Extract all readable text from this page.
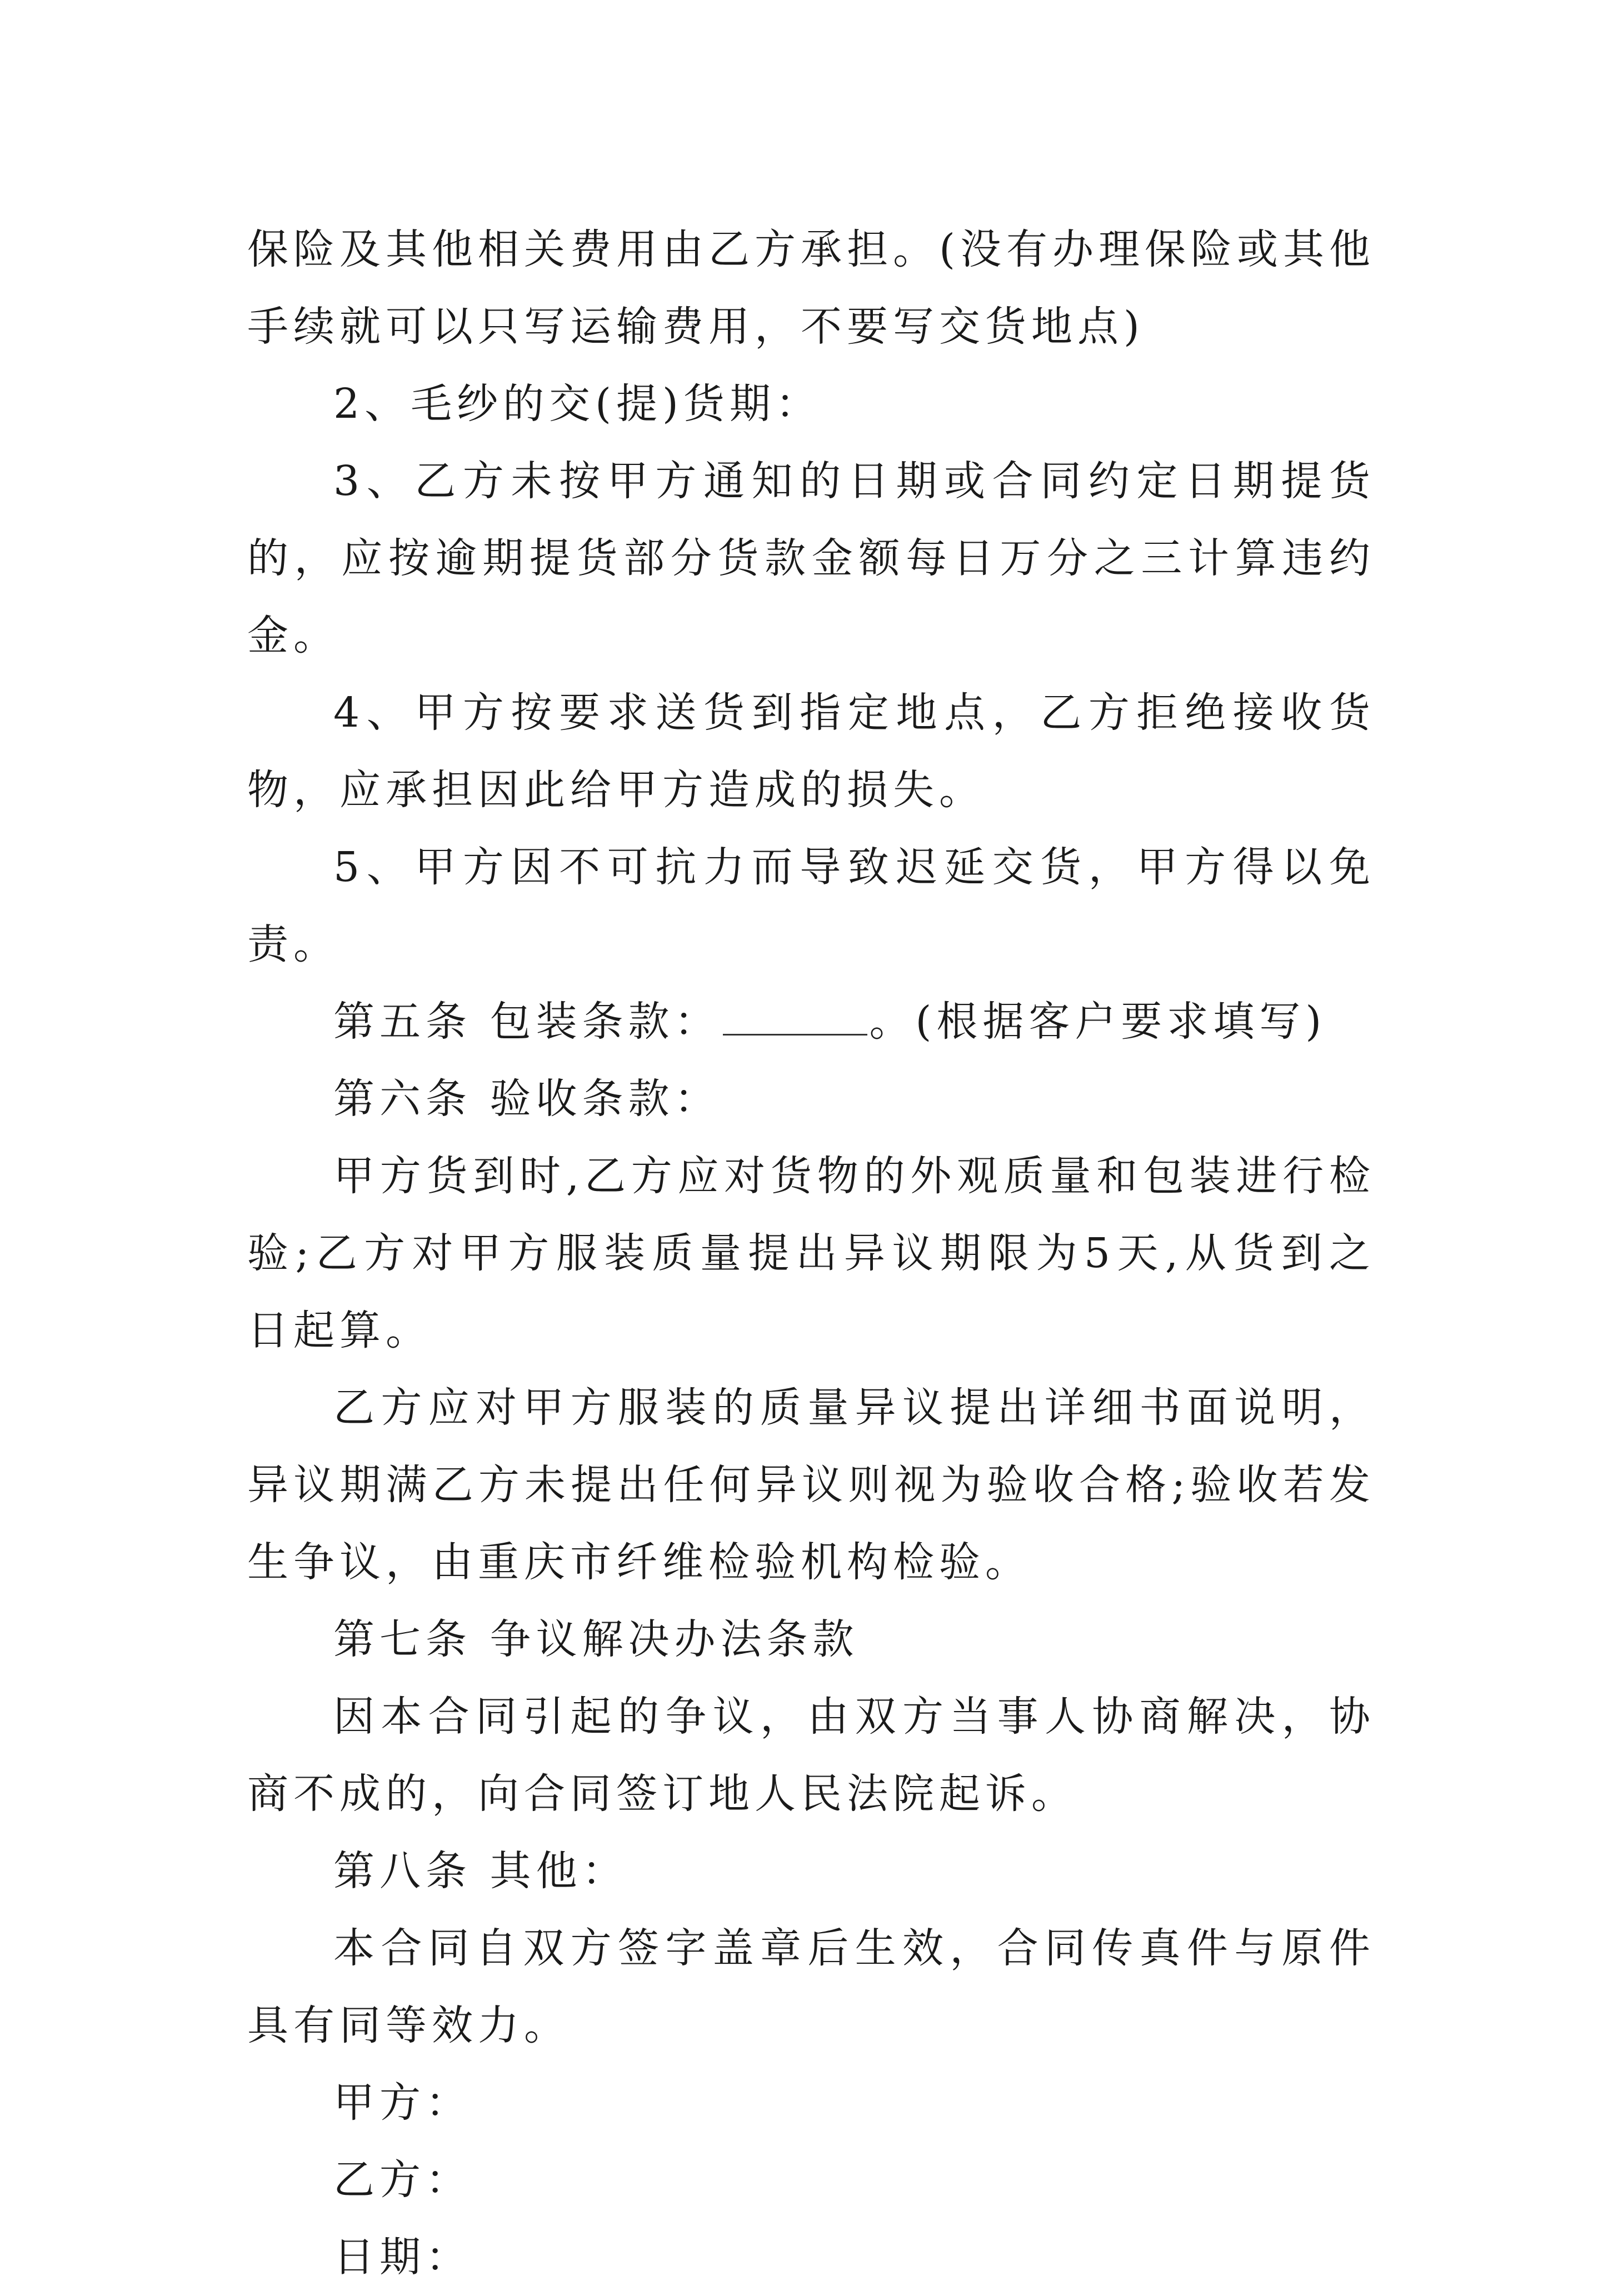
保险及其他相关费用由乙方承担。(没有办理保险或其他手续就可以只写运输费用，不要写交货地点)

2、毛纱的交(提)货期：

3、乙方未按甲方通知的日期或合同约定日期提货的，应按逾期提货部分货款金额每日万分之三计算违约金。

4、甲方按要求送货到指定地点，乙方拒绝接收货物，应承担因此给甲方造成的损失。

5、甲方因不可抗力而导致迟延交货，甲方得以免责。

第五条 包装条款：	。(根据客户要求填写)

第六条 验收条款：

甲方货到时,乙方应对货物的外观质量和包装进行检验;乙方对甲方服装质量提出异议期限为5天,从货到之日起算。

乙方应对甲方服装的质量异议提出详细书面说明，异议期满乙方未提出任何异议则视为验收合格;验收若发生争议，由重庆市纤维检验机构检验。

第七条 争议解决办法条款

因本合同引起的争议，由双方当事人协商解决，协商不成的，向合同签订地人民法院起诉。

第八条 其他：

本合同自双方签字盖章后生效，合同传真件与原件具有同等效力。

甲方：

乙方：

日期：
